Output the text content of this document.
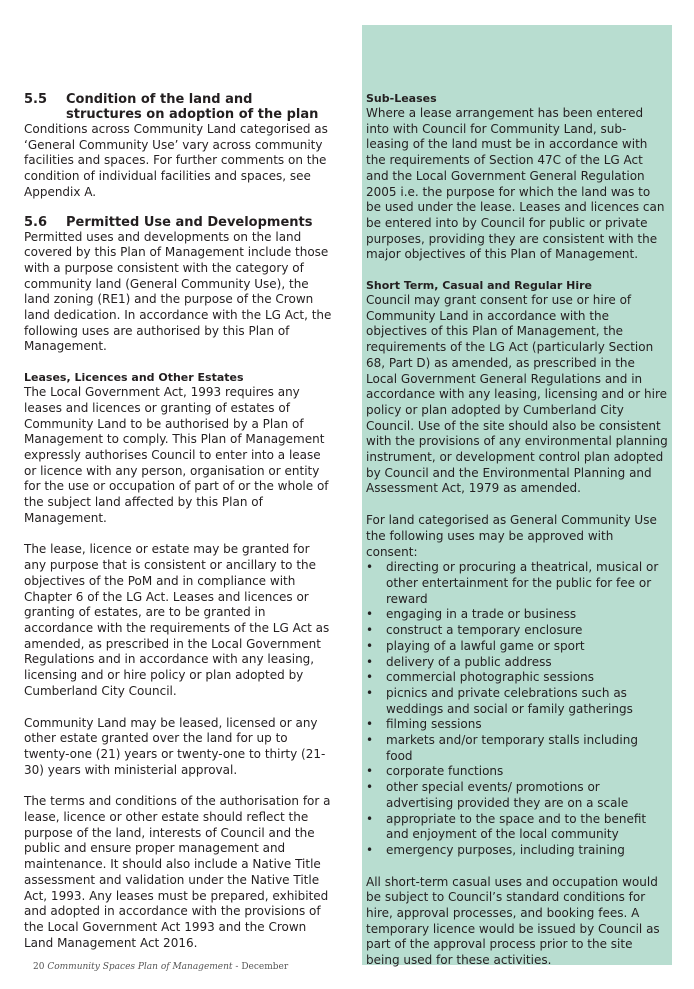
5.5	Condition of the land and structures on adoption of the plan

Conditions across Community Land categorised as ‘General Community Use’ vary across community facilities and spaces. For further comments on the condition of individual facilities and spaces, see Appendix A.

5.6	Permitted Use and Developments

Permitted uses and developments on the land covered by this Plan of Management include those with a purpose consistent with the category of community land (General Community Use), the land zoning (RE1) and the purpose of the Crown land dedication. In accordance with the LG Act, the following uses are authorised by this Plan of Management.

Leases, Licences and Other Estates

The Local Government Act, 1993 requires any leases and licences or granting of estates of Community Land to be authorised by a Plan of Management to comply. This Plan of Management expressly authorises Council to enter into a lease or licence with any person, organisation or entity for the use or occupation of part of or the whole of the subject land affected by this Plan of Management.

The lease, licence or estate may be granted for any purpose that is consistent or ancillary to the objectives of the PoM and in compliance with Chapter 6 of the LG Act. Leases and licences or granting of estates, are to be granted in accordance with the requirements of the LG Act as amended, as prescribed in the Local Government Regulations and in accordance with any leasing, licensing and or hire policy or plan adopted by Cumberland City Council.

Community Land may be leased, licensed or any other estate granted over the land for up to twenty-one (21) years or twenty-one to thirty (21-30) years with ministerial approval.

The terms and conditions of the authorisation for a lease, licence or other estate should reflect the purpose of the land, interests of Council and the public and ensure proper management and maintenance. It should also include a Native Title assessment and validation under the Native Title Act, 1993. Any leases must be prepared, exhibited and adopted in accordance with the provisions of the Local Government Act 1993 and the Crown Land Management Act 2016.

Sub-Leases

Where a lease arrangement has been entered into with Council for Community Land, sub-leasing of the land must be in accordance with the requirements of Section 47C of the LG Act and the Local Government General Regulation 2005 i.e. the purpose for which the land was to be used under the lease. Leases and licences can be entered into by Council for public or private purposes, providing they are consistent with the major objectives of this Plan of Management.

Short Term, Casual and Regular Hire

Council may grant consent for use or hire of Community Land in accordance with the objectives of this Plan of Management, the requirements of the LG Act (particularly Section 68, Part D) as amended, as prescribed in the Local Government General Regulations and in accordance with any leasing, licensing and or hire policy or plan adopted by Cumberland City Council. Use of the site should also be consistent with the provisions of any environmental planning instrument, or development control plan adopted by Council and the Environmental Planning and Assessment Act, 1979 as amended.

For land categorised as General Community Use the following uses may be approved with consent:

• directing or procuring a theatrical, musical or other entertainment for the public for fee or reward
• engaging in a trade or business
• construct a temporary enclosure
• playing of a lawful game or sport
• delivery of a public address
• commercial photographic sessions
• picnics and private celebrations such as weddings and social or family gatherings
• filming sessions
• markets and/or temporary stalls including food
• corporate functions
• other special events/ promotions or advertising provided they are on a scale
• appropriate to the space and to the benefit and enjoyment of the local community
• emergency purposes, including training

All short-term casual uses and occupation would be subject to Council’s standard conditions for hire, approval processes, and booking fees. A temporary licence would be issued by Council as part of the approval process prior to the site being used for these activities.

20 Community Spaces Plan of Management - December
